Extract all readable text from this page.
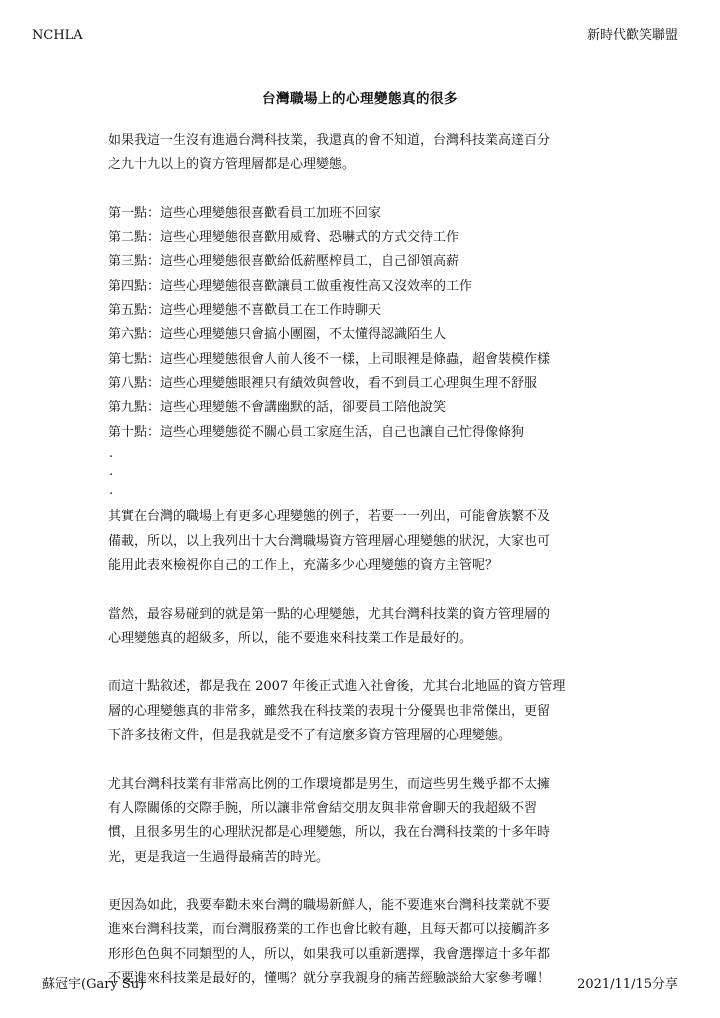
NCHLA	新時代歡笑聯盟
台灣職場上的心理變態真的很多
如果我這一生沒有進過台灣科技業，我還真的會不知道，台灣科技業高達百分
之九十九以上的資方管理層都是心理變態。
第一點：這些心理變態很喜歡看員工加班不回家
第二點：這些心理變態很喜歡用威脅、恐嚇式的方式交待工作
第三點：這些心理變態很喜歡給低薪壓榨員工，自己卻領高薪
第四點：這些心理變態很喜歡讓員工做重複性高又沒效率的工作
第五點：這些心理變態不喜歡員工在工作時聊天
第六點：這些心理變態只會搞小團圈，不太懂得認識陌生人
第七點：這些心理變態很會人前人後不一樣，上司眼裡是條蟲，超會裝模作樣
第八點：這些心理變態眼裡只有績效與營收，看不到員工心理與生理不舒服
第九點：這些心理變態不會講幽默的話，卻要員工陪他說笑
第十點：這些心理變態從不關心員工家庭生活，自己也讓自己忙得像條狗
.
.
.
其實在台灣的職場上有更多心理變態的例子，若要一一列出，可能會族繁不及
備載，所以，以上我列出十大台灣職場資方管理層心理變態的狀況，大家也可
能用此表來檢視你自己的工作上，充滿多少心理變態的資方主管呢？
當然，最容易碰到的就是第一點的心理變態，尤其台灣科技業的資方管理層的
心理變態真的超級多，所以，能不要進來科技業工作是最好的。
而這十點敘述，都是我在 2007 年後正式進入社會後，尤其台北地區的資方管理
層的心理變態真的非常多，雖然我在科技業的表現十分優異也非常傑出，更留
下許多技術文件，但是我就是受不了有這麼多資方管理層的心理變態。
尤其台灣科技業有非常高比例的工作環境都是男生，而這些男生幾乎都不太擁
有人際關係的交際手腕，所以讓非常會結交朋友與非常會聊天的我超級不習
慣，且很多男生的心理狀況都是心理變態，所以，我在台灣科技業的十多年時
光，更是我這一生過得最痛苦的時光。
更因為如此，我要奉勸未來台灣的職場新鮮人，能不要進來台灣科技業就不要
進來台灣科技業，而台灣服務業的工作也會比較有趣，且每天都可以接觸許多
形形色色與不同類型的人，所以，如果我可以重新選擇，我會選擇這十多年都
不要進來科技業是最好的，懂嗎？就分享我親身的痛苦經驗談給大家參考囉！
蘇冠宇(Gary Su)	2021/11/15分享
